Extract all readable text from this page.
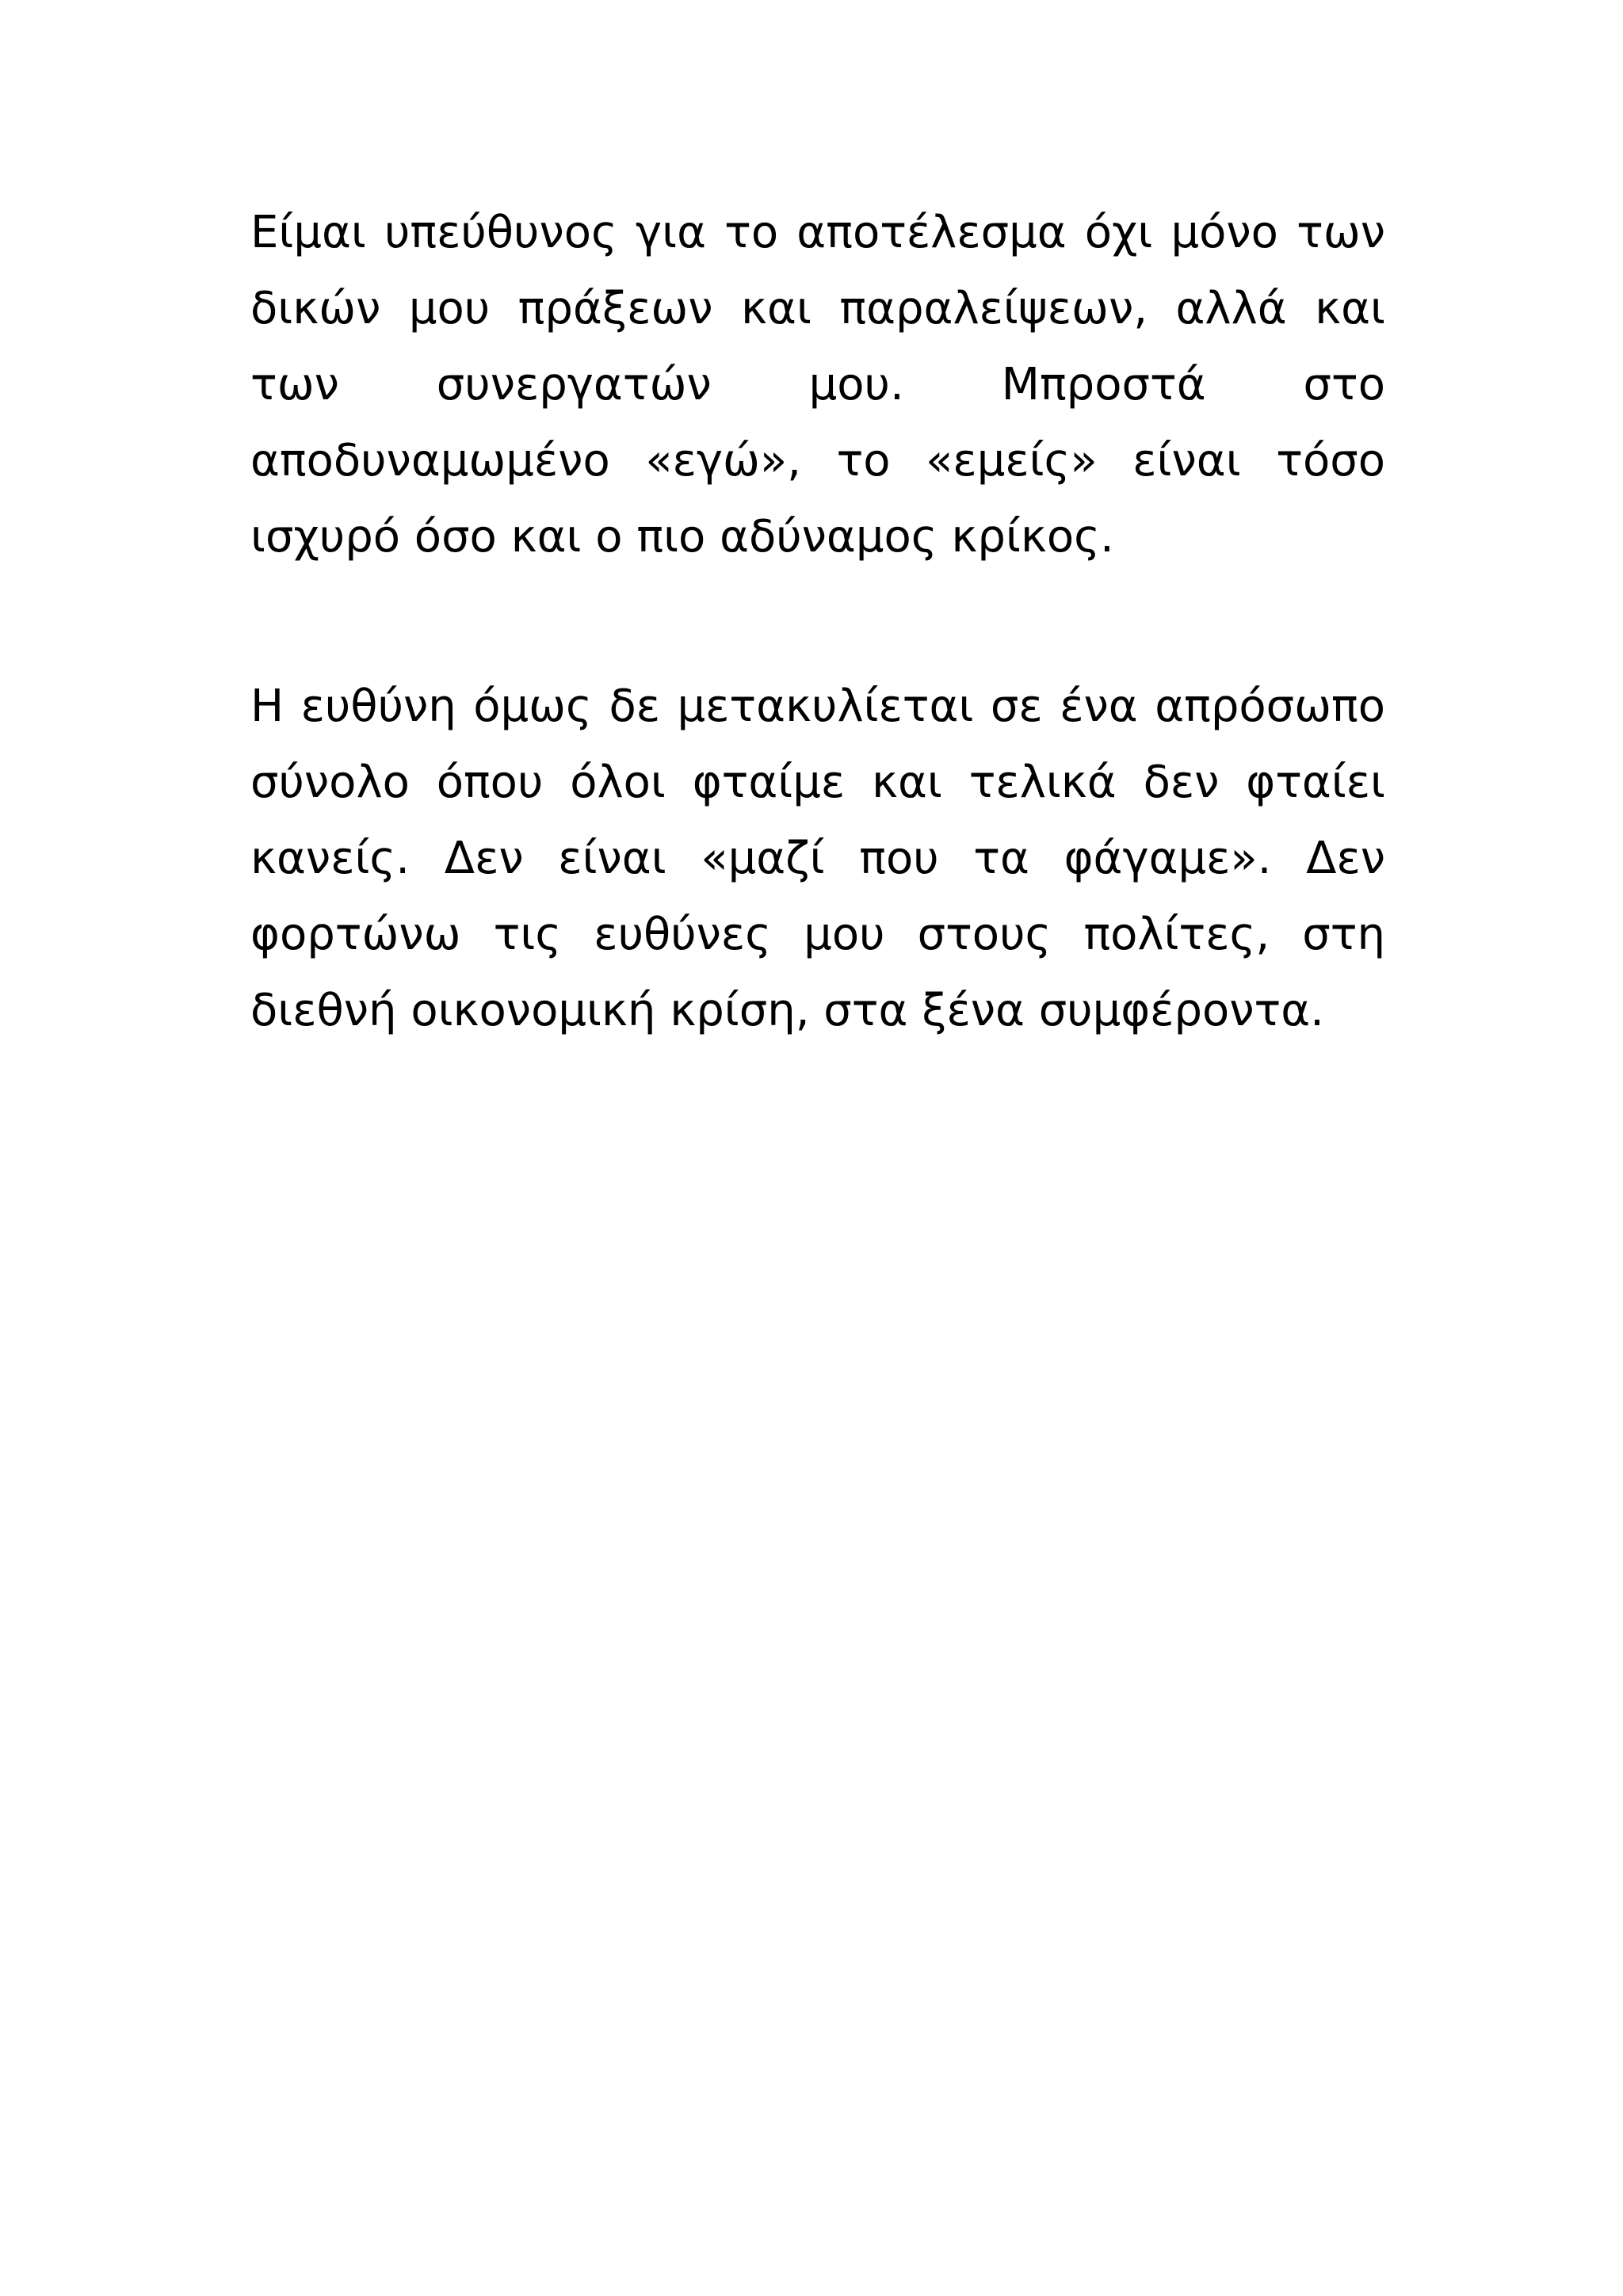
Είμαι υπεύθυνος για το αποτέλεσμα όχι μόνο των δικών μου πράξεων και παραλείψεων, αλλά και των συνεργατών μου. Μπροστά στο αποδυναμωμένο «εγώ», το «εμείς» είναι τόσο ισχυρό όσο και ο πιο αδύναμος κρίκος.

Η ευθύνη όμως δε μετακυλίεται σε ένα απρόσωπο σύνολο όπου όλοι φταίμε και τελικά δεν φταίει κανείς. Δεν είναι «μαζί που τα φάγαμε». Δεν φορτώνω τις ευθύνες μου στους πολίτες, στη διεθνή οικονομική κρίση, στα ξένα συμφέροντα.
